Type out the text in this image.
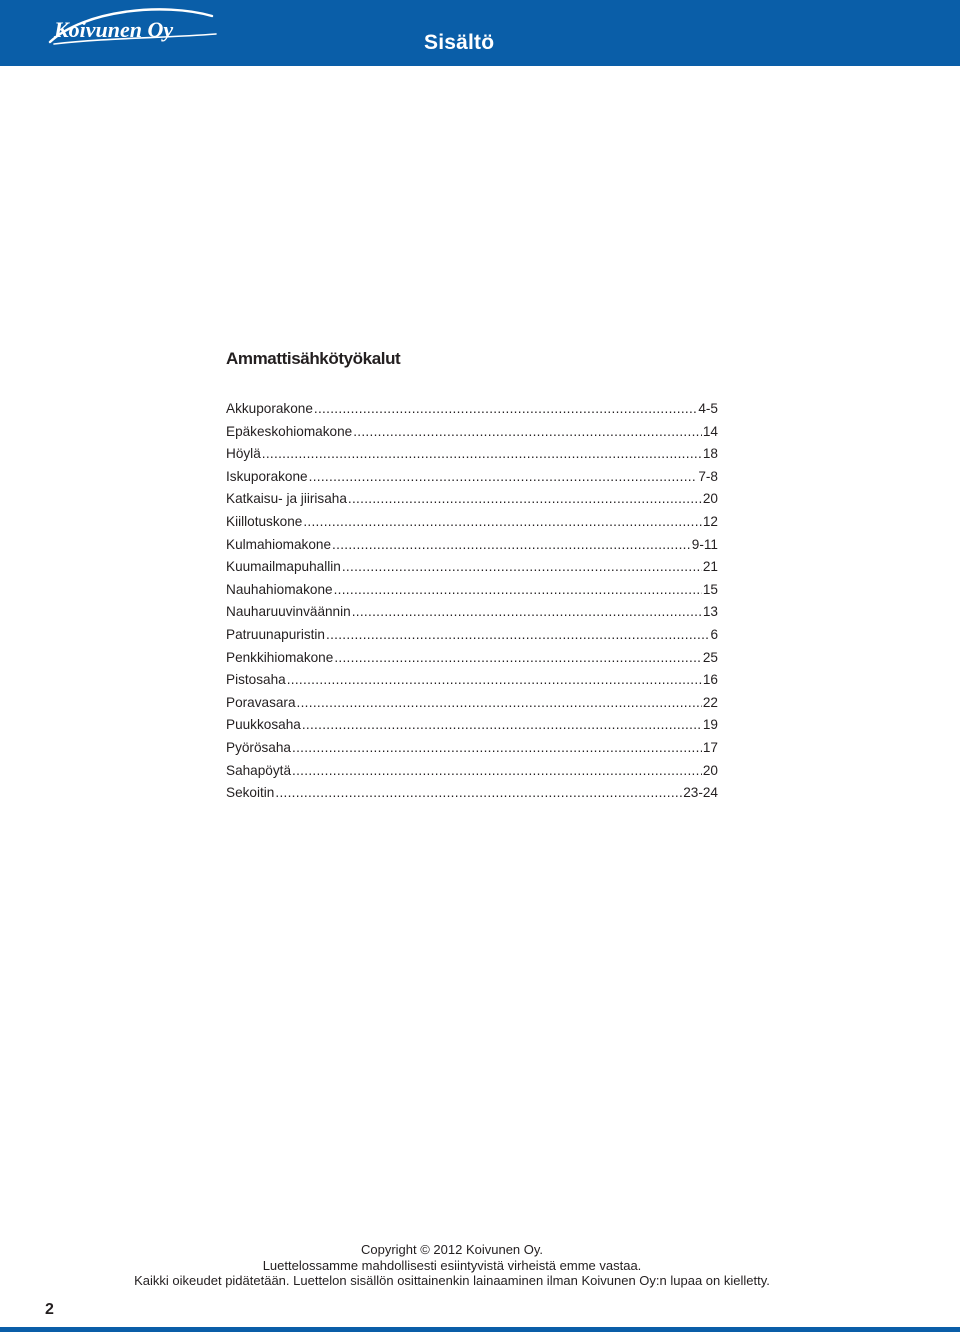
Koivunen Oy
Sisältö
Ammattisähkötyökalut
Akkuporakone .....	4-5
Epäkeskohiomakone .....	14
Höylä .....	18
Iskuporakone .....	7-8
Katkaisu- ja jiirisaha .....	20
Kiillotuskone .....	12
Kulmahiomakone .....	9-11
Kuumailmapuhallin .....	21
Nauhahiomakone .....	15
Nauharuuvinväännin .....	13
Patruunapuristin .....	6
Penkkihiomakone .....	25
Pistosaha .....	16
Poravasara .....	22
Puukkosaha .....	19
Pyörösaha .....	17
Sahapöytä .....	20
Sekoitin .....	23-24
Copyright © 2012 Koivunen Oy.
Luettelossamme mahdollisesti esiintyvistä virheistä emme vastaa.
Kaikki oikeudet pidätetään. Luettelon sisällön osittainenkin lainaaminen ilman Koivunen Oy:n lupaa on kielletty.
2
